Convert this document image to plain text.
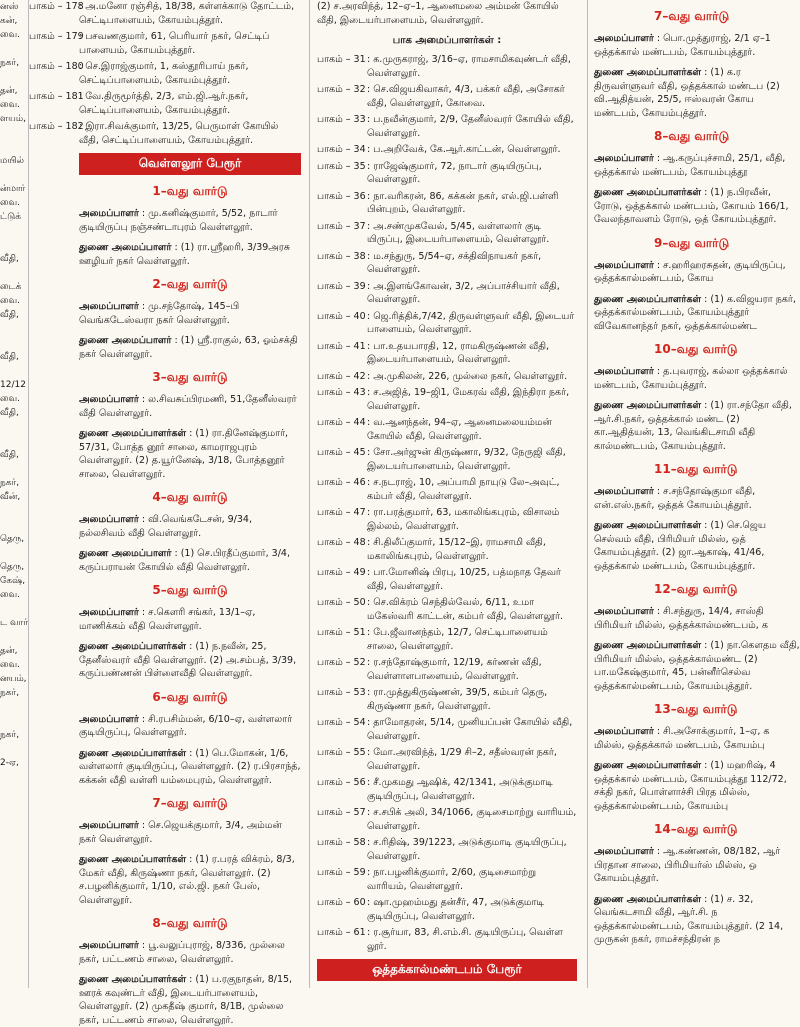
னஸ்
கன்,
வை.
நகர்,
தன்,
வை.
ளயம்,
மயில்
ன்மார்
வை.
ட்டுக்
வீதி,
டைக்
வை.
வீதி,
வீதி,
12/12
வை.
வீதி,
வீதி,
நகர்,
வீன்,
தெரு,
தெரு,
கேஷ்,
வை.
ட வார்
தன்,
வை.
னயம்,
நகர்,
நகர்,
2-ஏ,
பாகம் – 178
: அ.மனோ ரஞ்சித், 18/38, கள்ளக்காடு தோட்டம், செட்டிபாளையம், கோயம்புத்தூர்.
பாகம் – 179
: பசவணகுமார், 61, பெரியார் நகர், செட்டிப் பாளையம், கோயம்புத்தூர்.
பாகம் – 180
: செ.இராஜ்குமார், 1, கஸ்தூரிபாய் நகர், செட்டிப்பாளையம், கோயம்புத்தூர்.
பாகம் – 181
: வே.திருமூர்த்தி, 2/3, எம்.ஜி.ஆர்.நகர், செட்டிப்பாளையம், கோயம்புத்தூர்.
பாகம் – 182
: இரா.சிவக்குமார், 13/25, பெருமாள் கோயில் வீதி, செட்டிப்பாளையம், கோயம்புத்தூர்.
வெள்ளலூர் பேரூர்
1–வது வார்டு
அமைப்பாளர் : மு.கனிஷ்குமார், 5/52, நாடார் குடியிருப்பு நஞ்சண்டாபுரம் வெள்ளலூர்.
துணை அமைப்பாளர் : (1) ரா.ஸ்ரீஹரி, 3/39அரசு ஊழியர் நகர் வெள்ளலூர்.
2–வது வார்டு
அமைப்பாளர் : மு.சந்தோஷ், 145–பி வெங்கடேஸ்வரா நகர் வெள்ளலூர்.
துணை அமைப்பாளர் : (1) ஸ்ரீ.ராகுல், 63, ஓம்சக்தி நகர் வெள்ளலூர்.
3–வது வார்டு
அமைப்பாளர் : ல.சிவசுப்பிரமணி, 51,தேனீஸ்வரர் வீதி வெள்ளலூர்.
துணை அமைப்பாளர்கள் : (1) ரா.தினேஷ்குமார், 57/31, போத்த னூர் சாலை, காமராஜபுரம் வெள்ளலூர். (2) த.யூர்னேஷ், 3/18, போத்தனூர் சாலை, வெள்ளலூர்.
4–வது வார்டு
அமைப்பாளர் : வி.வெங்கடேசன், 9/34, நல்லசிவம் வீதி வெள்ளலூர்.
துணை அமைப்பாளர் : (1) செ.பிரதீப்குமார், 3/4, கருப்பராயன் கோயில் வீதி வெள்ளலூர்.
5–வது வார்டு
அமைப்பாளர் : ச.கௌரி சங்கர், 13/1–ஏ, மாணிக்கம் வீதி வெள்ளலூர்.
துணை அமைப்பாளர்கள் : (1) ந.நவீன், 25, தேனீஸ்வரர் வீதி வெள்ளலூர். (2) அ.சம்பத், 3/39, கருப்பண்ணன் பிள்ளைவீதி வெள்ளலூர்.
6–வது வார்டு
அமைப்பாளர் : சி.ரபசிம்மன், 6/10–ஏ, வள்ளலார் குடியிருப்பு, வெள்ளலூர்.
துணை அமைப்பாளர்கள் : (1) பெ.மோகன், 1/6, வள்ளலார் குடியிருப்பு, வெள்ளலூர். (2) ர.பிரசாந்த், கக்கன் வீதி வள்ளி யம்மைபுரம், வெள்ளலூர்.
7–வது வார்டு
அமைப்பாளர் : செ.ஜெயக்குமார், 3/4, அம்மன் நகர் வெள்ளலூர்.
துணை அமைப்பாளர்கள் : (1) ர.பரத் விக்ரம், 8/3, மேகர் வீதி, கிருஷ்ணா நகர், வெள்ளலூர். (2) ச.பழனிக்குமார், 1/10, எல்.ஜி. நகர் பேஸ், வெள்ளலூர்.
8–வது வார்டு
அமைப்பாளர் : பூ.வலுப்புராஜ், 8/336, முல்லை நகர், பட்டணம் சாலை, வெள்ளலூர்.
துணை அமைப்பாளர்கள் : (1) ப.ரகுநாதன், 8/15, ஊரக் கவுண்டர் வீதி, இடையர்பாளையம், வெள்ளலூர். (2) முகதீஷ் குமார், 8/1B, முல்லை நகர், பட்டணம் சாலை, வெள்ளலூர்.
(2) ச.அரவிந்த், 12–ஏ–1, ஆனைமலை அம்மன் கோயில் வீதி, இடையர்பாளையம், வெள்ளலூர்.
பாக அமைப்பாளர்கள் :
பாகம் – 31 : க.முருகராஜ், 3/16–ஏ, ராமசாமிகவுண்டர் வீதி, வெள்ளலூர்.
பாகம் – 32 : செ.விஜயகிவாகர், 4/3, பக்கர் வீதி, அசோகர் வீதி, வெள்ளலூர், கோவை.
பாகம் – 33 : ப.நவீன்குமார், 2/9, தேனீஸ்வரர் கோயில் வீதி, வெள்ளலூர்.
பாகம் – 34 : ப.அறிவேக், கே.ஆர்.காட்டன், வெள்ளலூர்.
பாகம் – 35 : ராஜேஷ்குமார், 72, நாடார் குடியிருப்பு, வெள்ளலூர்.
பாகம் – 36 : நா.வரிகரன், 86, கக்கன் நகர், எல்.ஜி.பள்ளி பின்புறம், வெள்ளலூர்.
பாகம் – 37 : அ.சண்முகவேல், 5/45, வள்ளலார் குடி யிருப்பு, இடையர்பாளையம், வெள்ளலூர்.
பாகம் – 38 : ம.சந்துரு, 5/54–ஏ, சக்திவிநாயகர் நகர், வெள்ளலூர்.
பாகம் – 39 : அ.இளங்கோவன், 3/2, அப்பாச்சியார் வீதி, வெள்ளலூர்.
பாகம் – 40 : ஜெ.ரித்திக்,7/42, திருவள்ளுவர் வீதி, இடையர் பாளையம், வெள்ளலூர்.
பாகம் – 41 : பா.உதயபாரதி, 12, ராமகிருஷ்ணன் வீதி, இடையர்பாளையம், வெள்ளலூர்.
பாகம் – 42 : அ.முகிலன், 226, முல்லை நகர், வெள்ளலூர்.
பாகம் – 43 : ச.அஜித், 19–ஜி1, மேகரவ் வீதி, இந்திரா நகர், வெள்ளலூர்.
பாகம் – 44 : வ.ஆனந்தன், 94–ஏ, ஆனைமலையம்மன் கோயில் வீதி, வெள்ளலூர்.
பாகம் – 45 : சோ.அர்ஜுன் கிருஷ்ணா, 9/32, நேருஜி வீதி, இடையர்பாளையம், வெள்ளலூர்.
பாகம் – 46 : ச.நடராஜ், 10, அப்பாமி நாயுடு லே–அவுட், கம்பர் வீதி, வெள்ளலூர்.
பாகம் – 47 : ரா.பரத்குமார், 63, மகாலிங்கபுரம், விசாலம் இல்லம், வெள்ளலூர்.
பாகம் – 48 : சி.திலீப்குமார், 15/12–இ, ராமசாமி வீதி, மகாலிங்கபுரம், வெள்ளலூர்.
பாகம் – 49 : பா.மோனிஷ் பிரபு, 10/25, பத்மநாத தேவர் வீதி, வெள்ளலூர்.
பாகம் – 50 : செ.விக்ரம் செந்தில்வேல், 6/11, உமா மகேஸ்வரி காட்டன், கம்பர் வீதி, வெள்ளலூர்.
பாகம் – 51 : பே.ஜீவானந்தம், 12/7, செட்டிபாளையம் சாலை, வெள்ளலூர்.
பாகம் – 52 : ர.சந்தோஷ்குமார், 12/19, கர்ணன் வீதி, வெள்ளாளபாளையம், வெள்ளலூர்.
பாகம் – 53 : ரா.முத்துகிருஷ்ணன், 39/5, கம்பர் தெரு, கிருஷ்ணா நகர், வெள்ளலூர்.
பாகம் – 54 : தாமோதரன், 5/14, முனியப்பன் கோயில் வீதி, வெள்ளலூர்.
பாகம் – 55 : மோ.அரவிந்த், 1/29 சி–2, சதீஸ்வரன் நகர், வெள்ளலூர்.
பாகம் – 56 : சீ.முகமது ஆஷிக், 42/1341, அடுக்குமாடி குடியிருப்பு, வெள்ளலூர்.
பாகம் – 57 : ச.சபிக் அலி, 34/1066, குடிசைமாற்று வாரியம், வெள்ளலூர்.
பாகம் – 58 : ச.ரிதிஷ், 39/1223, அடுக்குமாடி குடியிருப்பு, வெள்ளலூர்.
பாகம் – 59 : நா.பழனிக்குமார், 2/60, குடிசைமாற்று வாரியம், வெள்ளலூர்.
பாகம் – 60 : ஷா.முஹம்மது தன்சீர், 47, அடுக்குமாடி குடியிருப்பு, வெள்ளலூர்.
பாகம் – 61 : ர.சூர்யா, 83, சி.எம்.சி. குடியிருப்பு, வெள்ள லூர்.
ஒத்தக்கால்மண்டபம் பேரூர்
7–வது வார்டு
அமைப்பாளர் : பொ.முத்துராஜ், 2/1 ஏ–1 ஒத்தக்கால் மண்டபம், கோயம்புத்தூர்.
துணை அமைப்பாளர்கள் : (1) க.ர திருவள்ளுவர் வீதி, ஒத்தக்கால் மண்டப (2) வி.ஆதித்யன், 25/5, ஈஸ்வரன் கோய மண்டபம், கோயம்புத்தூர்.
8–வது வார்டு
அமைப்பாளர் : ஆ.கருப்புச்சாமி, 25/1, வீதி, ஒத்தக்கால் மண்டபம், கோயம்புத்தூ
துணை அமைப்பாளர்கள் : (1) ந.பிரவீன், ரோடு, ஒத்தக்கால் மண்டபம், கோயம் 166/1, வேலந்தாவளம் ரோடு, ஒத் கோயம்புத்தூர்.
9–வது வார்டு
அமைப்பாளர் : ச.ஹரிஹரசுதன், குடியிருப்பு, ஒத்தக்கால்மண்டபம், கோய
துணை அமைப்பாளர்கள் : (1) க.விஜயரா நகர், ஒத்தக்கால்மண்டபம், கோயம்புத்தூர் விவேகானந்தர் நகர், ஒத்தக்கால்மண்ட
10–வது வார்டு
அமைப்பாளர் : த.புவராஜ், கல்லா ஒத்தக்கால் மண்டபம், கோயம்புத்தூர்.
துணை அமைப்பாளர்கள் : (1) ரா.சந்தோ வீதி, ஆர்.சி.நகர், ஒத்தக்கால் மண்ட (2) கா.ஆதித்யன், 13, வெங்கிடசாமி வீதி கால்மண்டபம், கோயம்புத்தூர்.
11–வது வார்டு
அமைப்பாளர் : ச.சந்தோஷ்குமா வீதி, என்.எஸ்.நகர், ஒத்தக் கோயம்புத்தூர்.
துணை அமைப்பாளர்கள் : (1) செ.ஜெய செல்வம் வீதி, பிரிமியர் மில்ஸ், ஒத் கோயம்புத்தூர். (2) ஜா.ஆகாஷ், 41/46, ஒத்தக்கால் மண்டபம், கோயம்புத்தூர்.
12–வது வார்டு
அமைப்பாளர் : சி.சந்துரு, 14/4, சாஸ்தி பிரிமியர் மில்ஸ், ஒத்தக்கால்மண்டபம், க
துணை அமைப்பாளர்கள் : (1) நா.கௌதம வீதி, பிரிமியர் மில்ஸ், ஒத்தக்கால்மண்ட (2) பா.மகேஷ்குமார், 45, பன்னீர்செல்வ ஒத்தக்கால்மண்டபம், கோயம்புத்தூர்.
13–வது வார்டு
அமைப்பாளர் : சி.அசோக்குமார், 1–ஏ, க மில்ஸ், ஒத்தக்கால் மண்டபம், கோயம்பு
துணை அமைப்பாளர்கள் : (1) மஹரிஷ், 4 ஒத்தக்கால் மண்டபம், கோயம்புத்தூ 112/72, சக்தி நகர், பொள்ளாச்சி பிரத மில்ஸ், ஒத்தக்கால்மண்டபம், கோயம்பு
14–வது வார்டு
அமைப்பாளர் : ஆ.கண்ணன், 08/182, ஆர் பிரதான சாலை, பிரிமியர்ஸ் மில்ஸ், ஒ கோயம்புத்தூர்.
துணை அமைப்பாளர்கள் : (1) ச. 32, வெங்கடசாமி வீதி, ஆர்.சி. ந ஒத்தக்கால்மண்டபம், கோயம்புத்தூர். (2 14, முருகன் நகர், ராமச்சந்திரன் ந
